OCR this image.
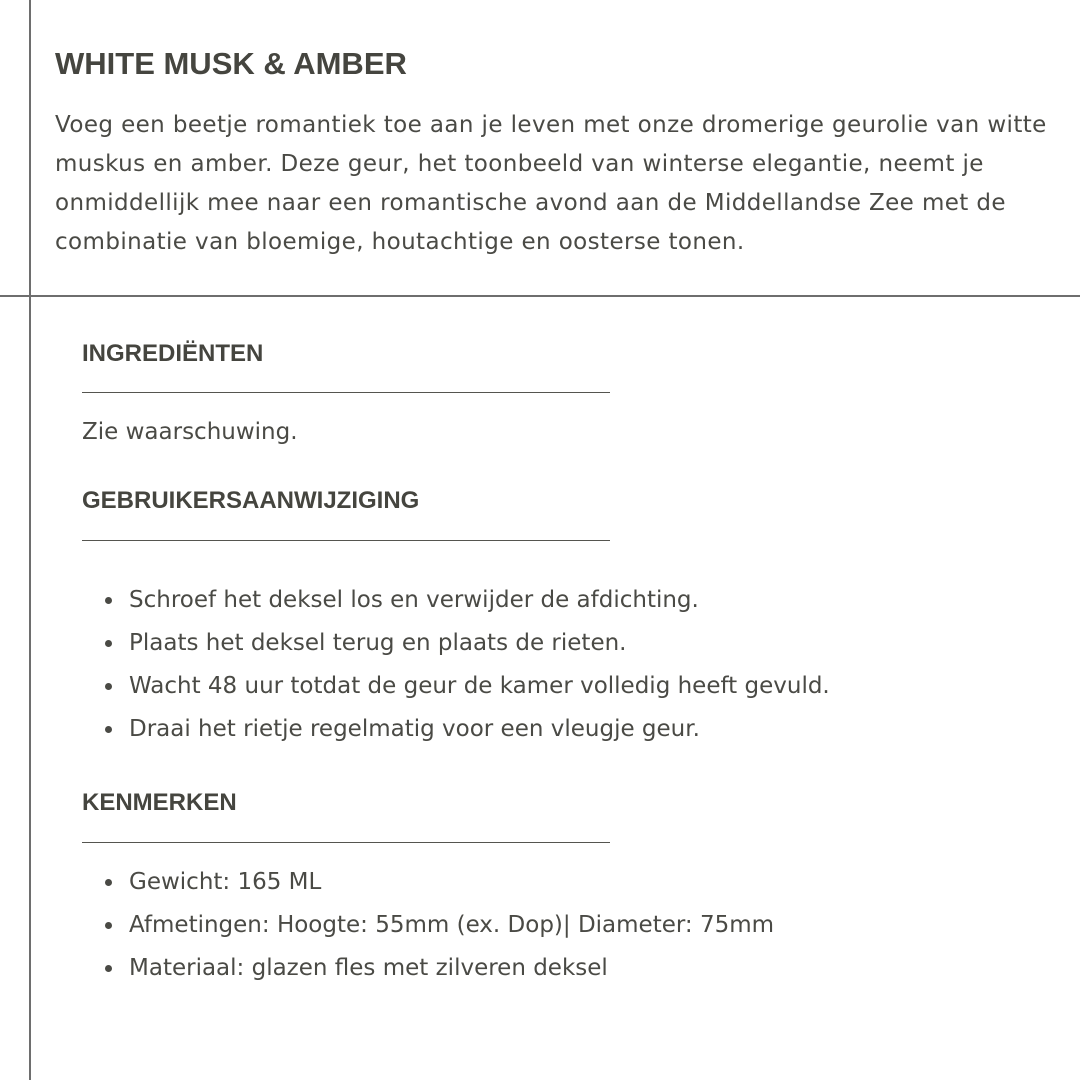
WHITE MUSK & AMBER

Voeg een beetje romantiek toe aan je leven met onze dromerige geurolie van witte muskus en amber. Deze geur, het toonbeeld van winterse elegantie, neemt je onmiddellijk mee naar een romantische avond aan de Middellandse Zee met de combinatie van bloemige, houtachtige en oosterse tonen.

INGREDIËNTEN

Zie waarschuwing.

GEBRUIKERSAANWIJZIGING
Schroef het deksel los en verwijder de afdichting.
Plaats het deksel terug en plaats de rieten.
Wacht 48 uur totdat de geur de kamer volledig heeft gevuld.
Draai het rietje regelmatig voor een vleugje geur.
KENMERKEN
Gewicht: 165 ML
Afmetingen: Hoogte: 55mm (ex. Dop)| Diameter: 75mm
Materiaal: glazen fles met zilveren deksel
